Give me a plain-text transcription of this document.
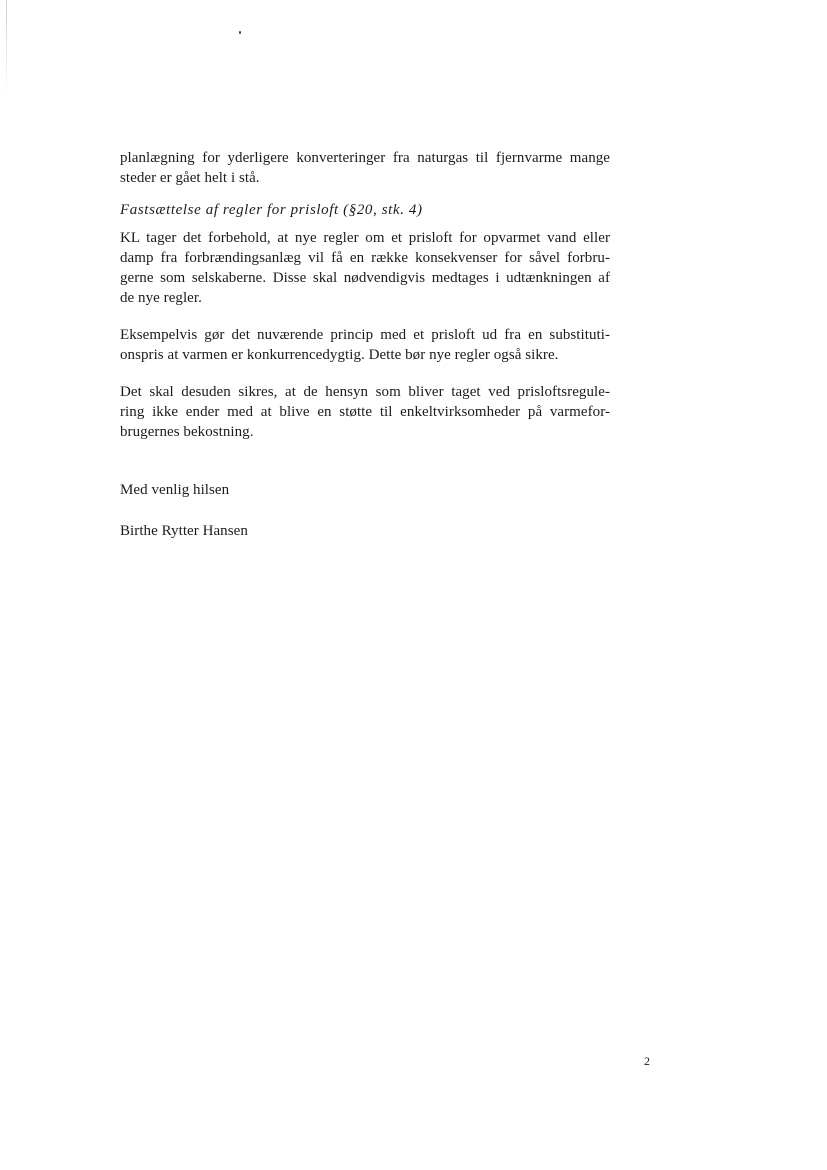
planlægning for yderligere konverteringer fra naturgas til fjernvarme mange
steder er gået helt i stå.
Fastsættelse af regler for prisloft (§20, stk. 4)
KL tager det forbehold, at nye regler om et prisloft for opvarmet vand eller
damp fra forbrændingsanlæg vil få en række konsekvenser for såvel forbru-
gerne som selskaberne. Disse skal nødvendigvis medtages i udtænkningen af
de nye regler.
Eksempelvis gør det nuværende princip med et prisloft ud fra en substituti-
onspris at varmen er konkurrencedygtig. Dette bør nye regler også sikre.
Det skal desuden sikres, at de hensyn som bliver taget ved prisloftsregule-
ring ikke ender med at blive en støtte til enkeltvirksomheder på varmefor-
brugernes bekostning.
Med venlig hilsen
Birthe Rytter Hansen
2
